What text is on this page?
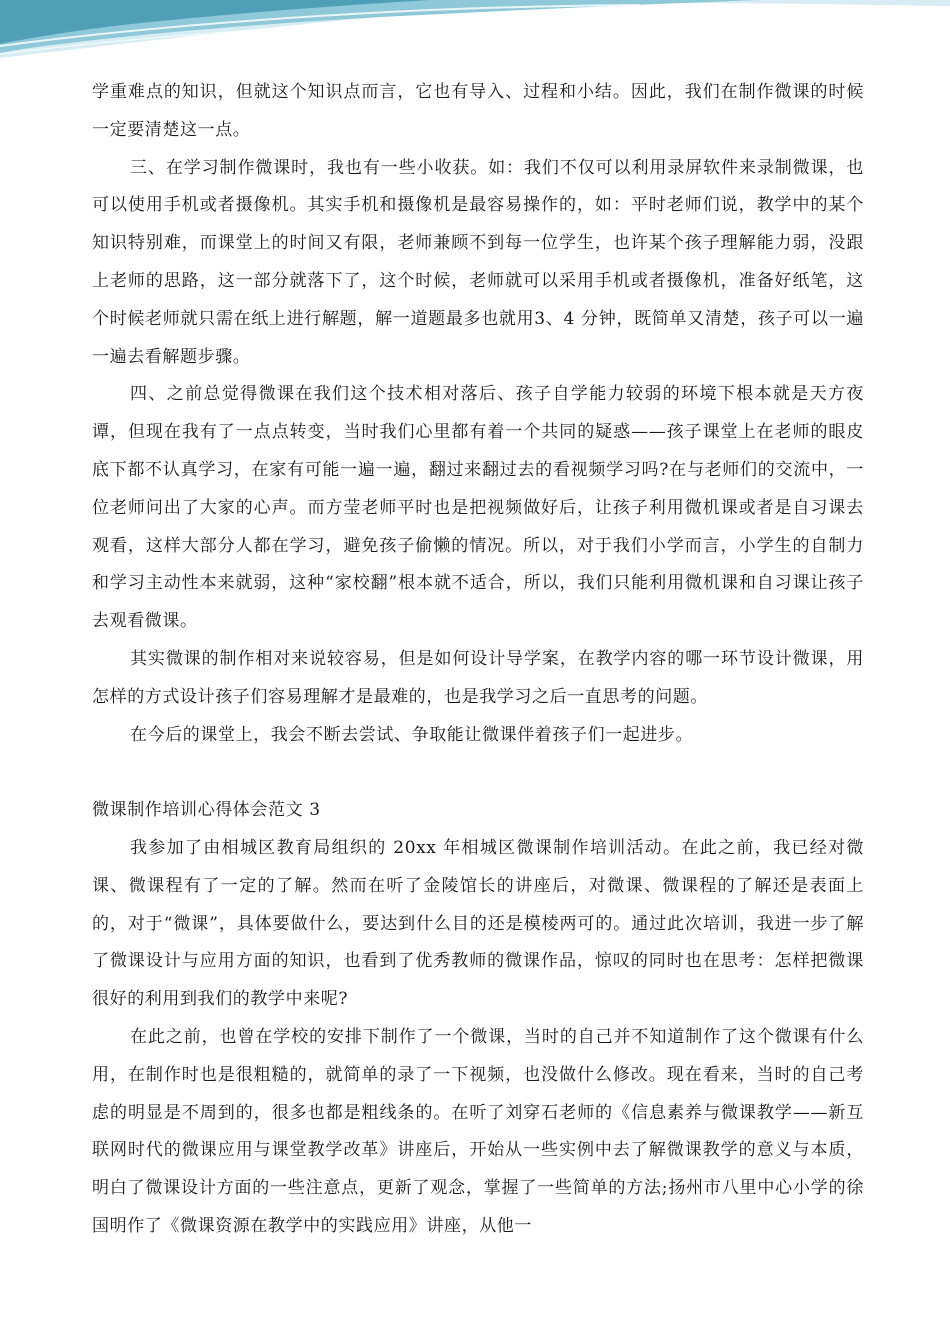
学重难点的知识，但就这个知识点而言，它也有导入、过程和小结。因此，我们在制作微课的时候一定要清楚这一点。

三、在学习制作微课时，我也有一些小收获。如：我们不仅可以利用录屏软件来录制微课，也可以使用手机或者摄像机。其实手机和摄像机是最容易操作的，如：平时老师们说，教学中的某个知识特别难，而课堂上的时间又有限，老师兼顾不到每一位学生，也许某个孩子理解能力弱，没跟上老师的思路，这一部分就落下了，这个时候，老师就可以采用手机或者摄像机，准备好纸笔，这个时候老师就只需在纸上进行解题，解一道题最多也就用3、4 分钟，既简单又清楚，孩子可以一遍一遍去看解题步骤。

四、之前总觉得微课在我们这个技术相对落后、孩子自学能力较弱的环境下根本就是天方夜谭，但现在我有了一点点转变，当时我们心里都有着一个共同的疑惑——孩子课堂上在老师的眼皮底下都不认真学习，在家有可能一遍一遍，翻过来翻过去的看视频学习吗?在与老师们的交流中，一位老师问出了大家的心声。而方莹老师平时也是把视频做好后，让孩子利用微机课或者是自习课去观看，这样大部分人都在学习，避免孩子偷懒的情况。所以，对于我们小学而言，小学生的自制力和学习主动性本来就弱，这种“家校翻”根本就不适合，所以，我们只能利用微机课和自习课让孩子去观看微课。

其实微课的制作相对来说较容易，但是如何设计导学案，在教学内容的哪一环节设计微课，用怎样的方式设计孩子们容易理解才是最难的，也是我学习之后一直思考的问题。

在今后的课堂上，我会不断去尝试、争取能让微课伴着孩子们一起进步。

微课制作培训心得体会范文 3

我参加了由相城区教育局组织的 20xx 年相城区微课制作培训活动。在此之前，我已经对微课、微课程有了一定的了解。然而在听了金陵馆长的讲座后，对微课、微课程的了解还是表面上的，对于“微课”，具体要做什么，要达到什么目的还是模棱两可的。通过此次培训，我进一步了解了微课设计与应用方面的知识，也看到了优秀教师的微课作品，惊叹的同时也在思考：怎样把微课很好的利用到我们的教学中来呢?

在此之前，也曾在学校的安排下制作了一个微课，当时的自己并不知道制作了这个微课有什么用，在制作时也是很粗糙的，就简单的录了一下视频，也没做什么修改。现在看来，当时的自己考虑的明显是不周到的，很多也都是粗线条的。在听了刘穿石老师的《信息素养与微课教学——新互联网时代的微课应用与课堂教学改革》讲座后，开始从一些实例中去了解微课教学的意义与本质，明白了微课设计方面的一些注意点，更新了观念，掌握了一些简单的方法;扬州市八里中心小学的徐国明作了《微课资源在教学中的实践应用》讲座，从他一
